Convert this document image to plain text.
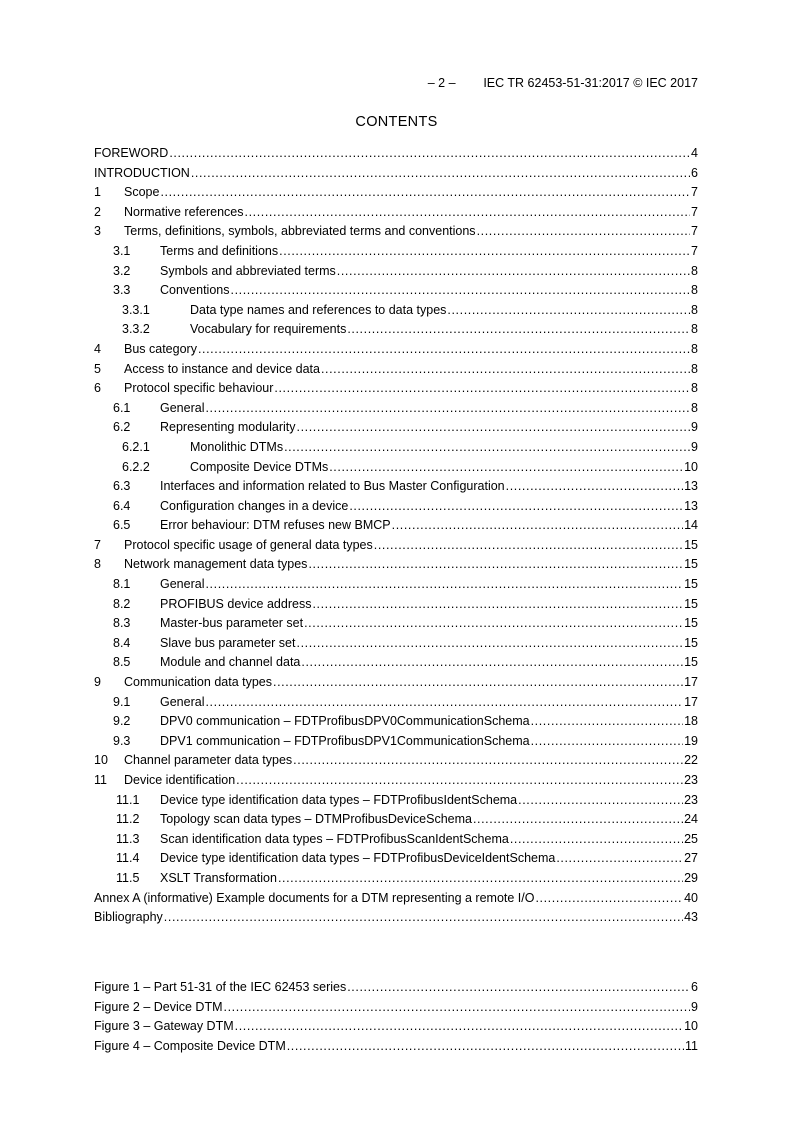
– 2 – IEC TR 62453-51-31:2017 © IEC 2017
CONTENTS
FOREWORD .....	4
INTRODUCTION .....	6
1	Scope .....	7
2	Normative references .....	7
3	Terms, definitions, symbols, abbreviated terms and conventions .....	7
3.1	Terms and definitions .....	7
3.2	Symbols and abbreviated terms .....	8
3.3	Conventions .....	8
3.3.1	Data type names and references to data types .....	8
3.3.2	Vocabulary for requirements .....	8
4	Bus category .....	8
5	Access to instance and device data .....	8
6	Protocol specific behaviour .....	8
6.1	General .....	8
6.2	Representing modularity .....	9
6.2.1	Monolithic DTMs .....	9
6.2.2	Composite Device DTMs .....	10
6.3	Interfaces and information related to Bus Master Configuration .....	13
6.4	Configuration changes in a device .....	13
6.5	Error behaviour: DTM refuses new BMCP .....	14
7	Protocol specific usage of general data types .....	15
8	Network management data types .....	15
8.1	General .....	15
8.2	PROFIBUS device address .....	15
8.3	Master-bus parameter set .....	15
8.4	Slave bus parameter set .....	15
8.5	Module and channel data .....	15
9	Communication data types .....	17
9.1	General .....	17
9.2	DPV0 communication – FDTProfibusDPV0CommunicationSchema .....	18
9.3	DPV1 communication – FDTProfibusDPV1CommunicationSchema .....	19
10	Channel parameter data types .....	22
11	Device identification .....	23
11.1	Device type identification data types – FDTProfibusIdentSchema .....	23
11.2	Topology scan data types – DTMProfibusDeviceSchema .....	24
11.3	Scan identification data types – FDTProfibusScanIdentSchema .....	25
11.4	Device type identification data types – FDTProfibusDeviceIdentSchema .....	27
11.5	XSLT Transformation .....	29
Annex A (informative) Example documents for a DTM representing a remote I/O .....	40
Bibliography .....	43
Figure 1 – Part 51-31 of the IEC 62453 series .....	6
Figure 2 – Device DTM .....	9
Figure 3 – Gateway DTM .....	10
Figure 4 – Composite Device DTM .....	11
